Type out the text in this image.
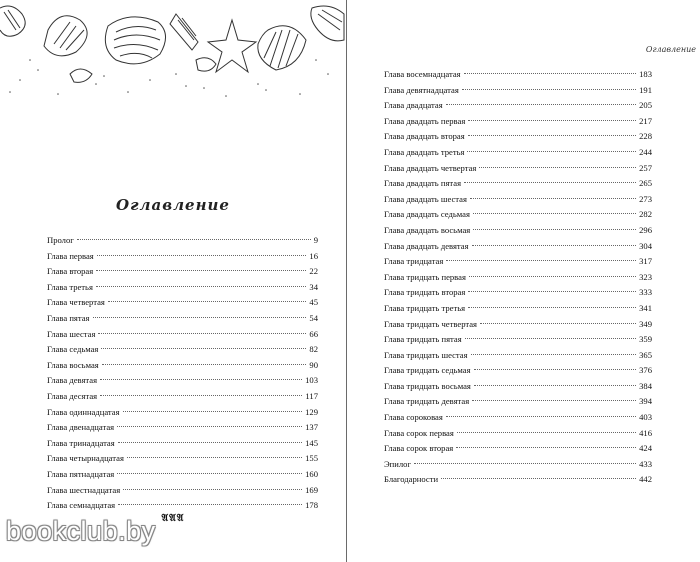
Оглавление
Пролог	9
Глава первая	16
Глава вторая	22
Глава третья	34
Глава четвертая	45
Глава пятая	54
Глава шестая	66
Глава седьмая	82
Глава восьмая	90
Глава девятая	103
Глава десятая	117
Глава одиннадцатая	129
Глава двенадцатая	137
Глава тринадцатая	145
Глава четырнадцатая	155
Глава пятнадцатая	160
Глава шестнадцатая	169
Глава семнадцатая	178
𝔄𝔄𝔄
Оглавление
Глава восемнадцатая	183
Глава девятнадцатая	191
Глава двадцатая	205
Глава двадцать первая	217
Глава двадцать вторая	228
Глава двадцать третья	244
Глава двадцать четвертая	257
Глава двадцать пятая	265
Глава двадцать шестая	273
Глава двадцать седьмая	282
Глава двадцать восьмая	296
Глава двадцать девятая	304
Глава тридцатая	317
Глава тридцать первая	323
Глава тридцать вторая	333
Глава тридцать третья	341
Глава тридцать четвертая	349
Глава тридцать пятая	359
Глава тридцать шестая	365
Глава тридцать седьмая	376
Глава тридцать восьмая	384
Глава тридцать девятая	394
Глава сороковая	403
Глава сорок первая	416
Глава сорок вторая	424
Эпилог	433
Благодарности	442
bookclub.by
